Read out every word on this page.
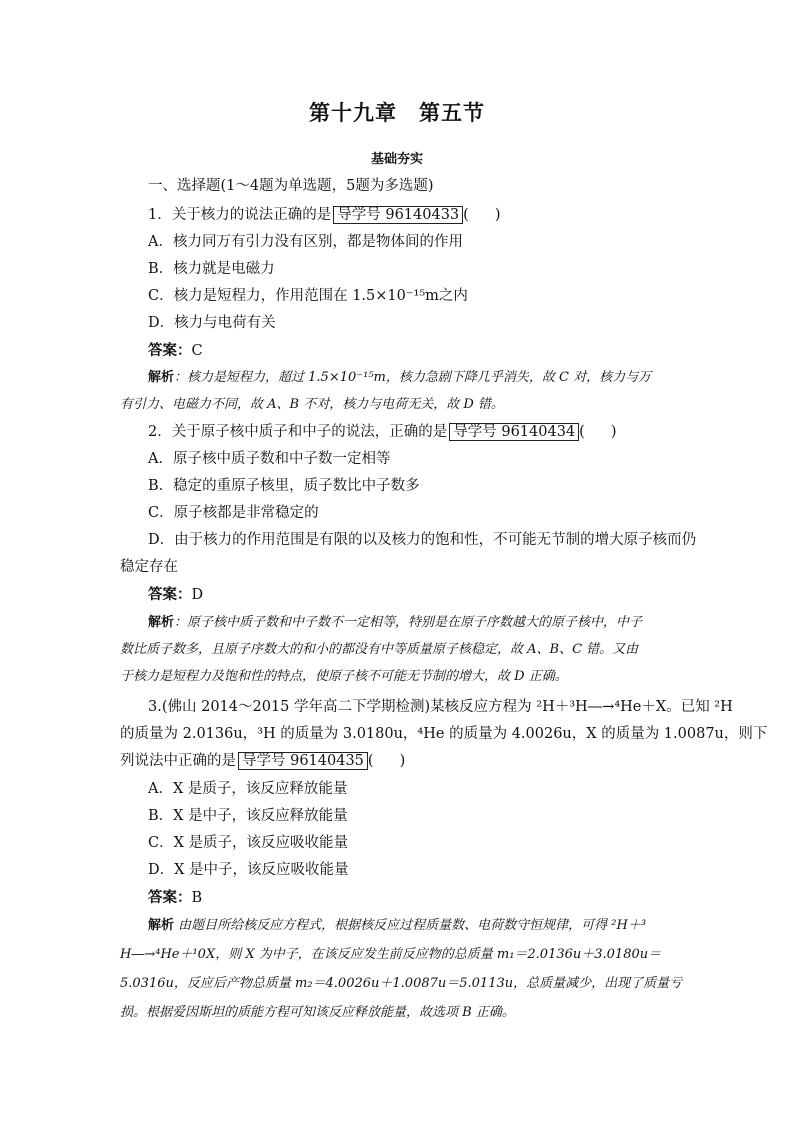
第十九章 第五节
基础夯实
一、选择题(1～4题为单选题，5题为多选题)
1．关于核力的说法正确的是 导学号 96140433 ( )
A．核力同万有引力没有区别，都是物体间的作用
B．核力就是电磁力
C．核力是短程力，作用范围在 1.5×10⁻¹⁵m之内
D．核力与电荷有关
答案：C
解析：核力是短程力，超过 1.5×10⁻¹⁵m，核力急剧下降几乎消失，故 C 对，核力与万
有引力、电磁力不同，故 A、B 不对，核力与电荷无关，故 D 错。
2．关于原子核中质子和中子的说法，正确的是 导学号 96140434 ( )
A．原子核中质子数和中子数一定相等
B．稳定的重原子核里，质子数比中子数多
C．原子核都是非常稳定的
D．由于核力的作用范围是有限的以及核力的饱和性，不可能无节制的增大原子核而仍
稳定存在
答案：D
解析：原子核中质子数和中子数不一定相等，特别是在原子序数越大的原子核中，中子
数比质子数多，且原子序数大的和小的都没有中等质量原子核稳定，故 A、B、C 错。又由
于核力是短程力及饱和性的特点，使原子核不可能无节制的增大，故 D 正确。
3.(佛山 2014～2015 学年高二下学期检测)某核反应方程为 ²H＋³H―→⁴He＋X。已知 ²H
的质量为 2.0136u，³H 的质量为 3.0180u，⁴He 的质量为 4.0026u，X 的质量为 1.0087u，则下
列说法中正确的是 导学号 96140435 ( )
A．X 是质子，该反应释放能量
B．X 是中子，该反应释放能量
C．X 是质子，该反应吸收能量
D．X 是中子，该反应吸收能量
答案：B
解析 由题目所给核反应方程式，根据核反应过程质量数、电荷数守恒规律，可得 ²H＋³
H―→⁴He＋¹0X，则 X 为中子，在该反应发生前反应物的总质量 m₁＝2.0136u＋3.0180u＝
5.0316u，反应后产物总质量 m₂＝4.0026u＋1.0087u＝5.0113u，总质量减少，出现了质量亏
损。根据爱因斯坦的质能方程可知该反应释放能量，故选项 B 正确。
